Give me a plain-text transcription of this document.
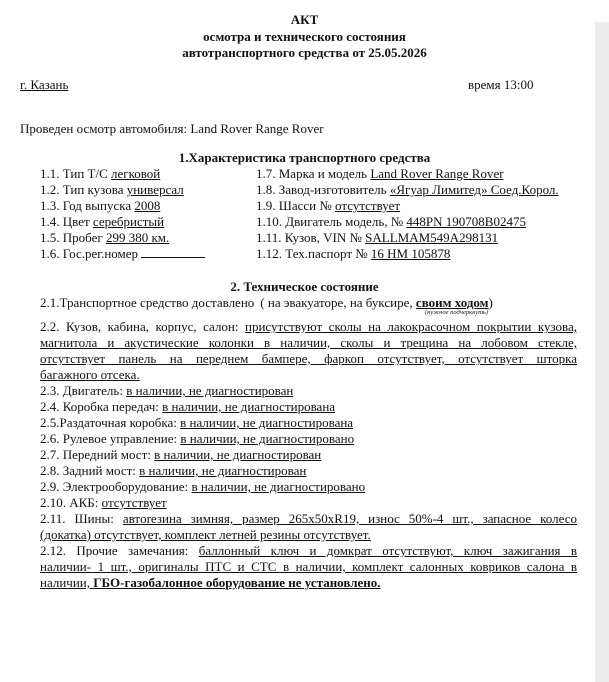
АКТ
осмотра и технического состояния
автотранспортного средства от 25.05.2026
г. Казань	время 13:00
Проведен осмотр автомобиля: Land Rover Range Rover
1.Характеристика транспортного средства
1.1. Тип Т/С легковой
1.2. Тип кузова универсал
1.3. Год выпуска 2008
1.4. Цвет серебристый
1.5. Пробег 299 380 км.
1.6. Гос.рег.номер
1.7. Марка и модель Land Rover Range Rover
1.8. Завод-изготовитель «Ягуар Лимитед» Соед.Корол.
1.9. Шасси № отсутствует
1.10. Двигатель модель, № 448PN 190708B02475
1.11. Кузов, VIN № SALLMAM549A298131
1.12. Тех.паспорт № 16 НМ 105878
2. Техническое состояние
2.1.Транспортное средство доставлено ( на эвакуаторе, на буксире, своим ходом)
(нужное подчеркнуть)
2.2. Кузов, кабина, корпус, салон: присутствуют сколы на лакокрасочном покрытии кузова,
магнитола и акустические колонки в наличии, сколы и трещина на лобовом стекле,
отсутствует панель на переднем бампере, фаркоп отсутствует, отсутствует шторка
багажного отсека.
2.3. Двигатель: в наличии, не диагностирован
2.4. Коробка передач: в наличии, не диагностирована
2.5.Раздаточная коробка: в наличии, не диагностирована
2.6. Рулевое управление: в наличии, не диагностировано
2.7. Передний мост: в наличии, не диагностирован
2.8. Задний мост: в наличии, не диагностирован
2.9. Электрооборудование: в наличии, не диагностировано
2.10. АКБ: отсутствует
2.11. Шины: автorезина зимняя, размер 265х50хR19, износ 50%-4 шт., запасное колесо
(докатка) отсутствует, комплект летней резины отсутствует.
2.12. Прочие замечания: баллонный ключ и домкрат отсутствуют, ключ зажигания в
наличии- 1 шт., оригиналы ПТС и СТС в наличии, комплект салонных ковриков салона в
наличии, ГБО-газобалонное оборудование не установлено.
